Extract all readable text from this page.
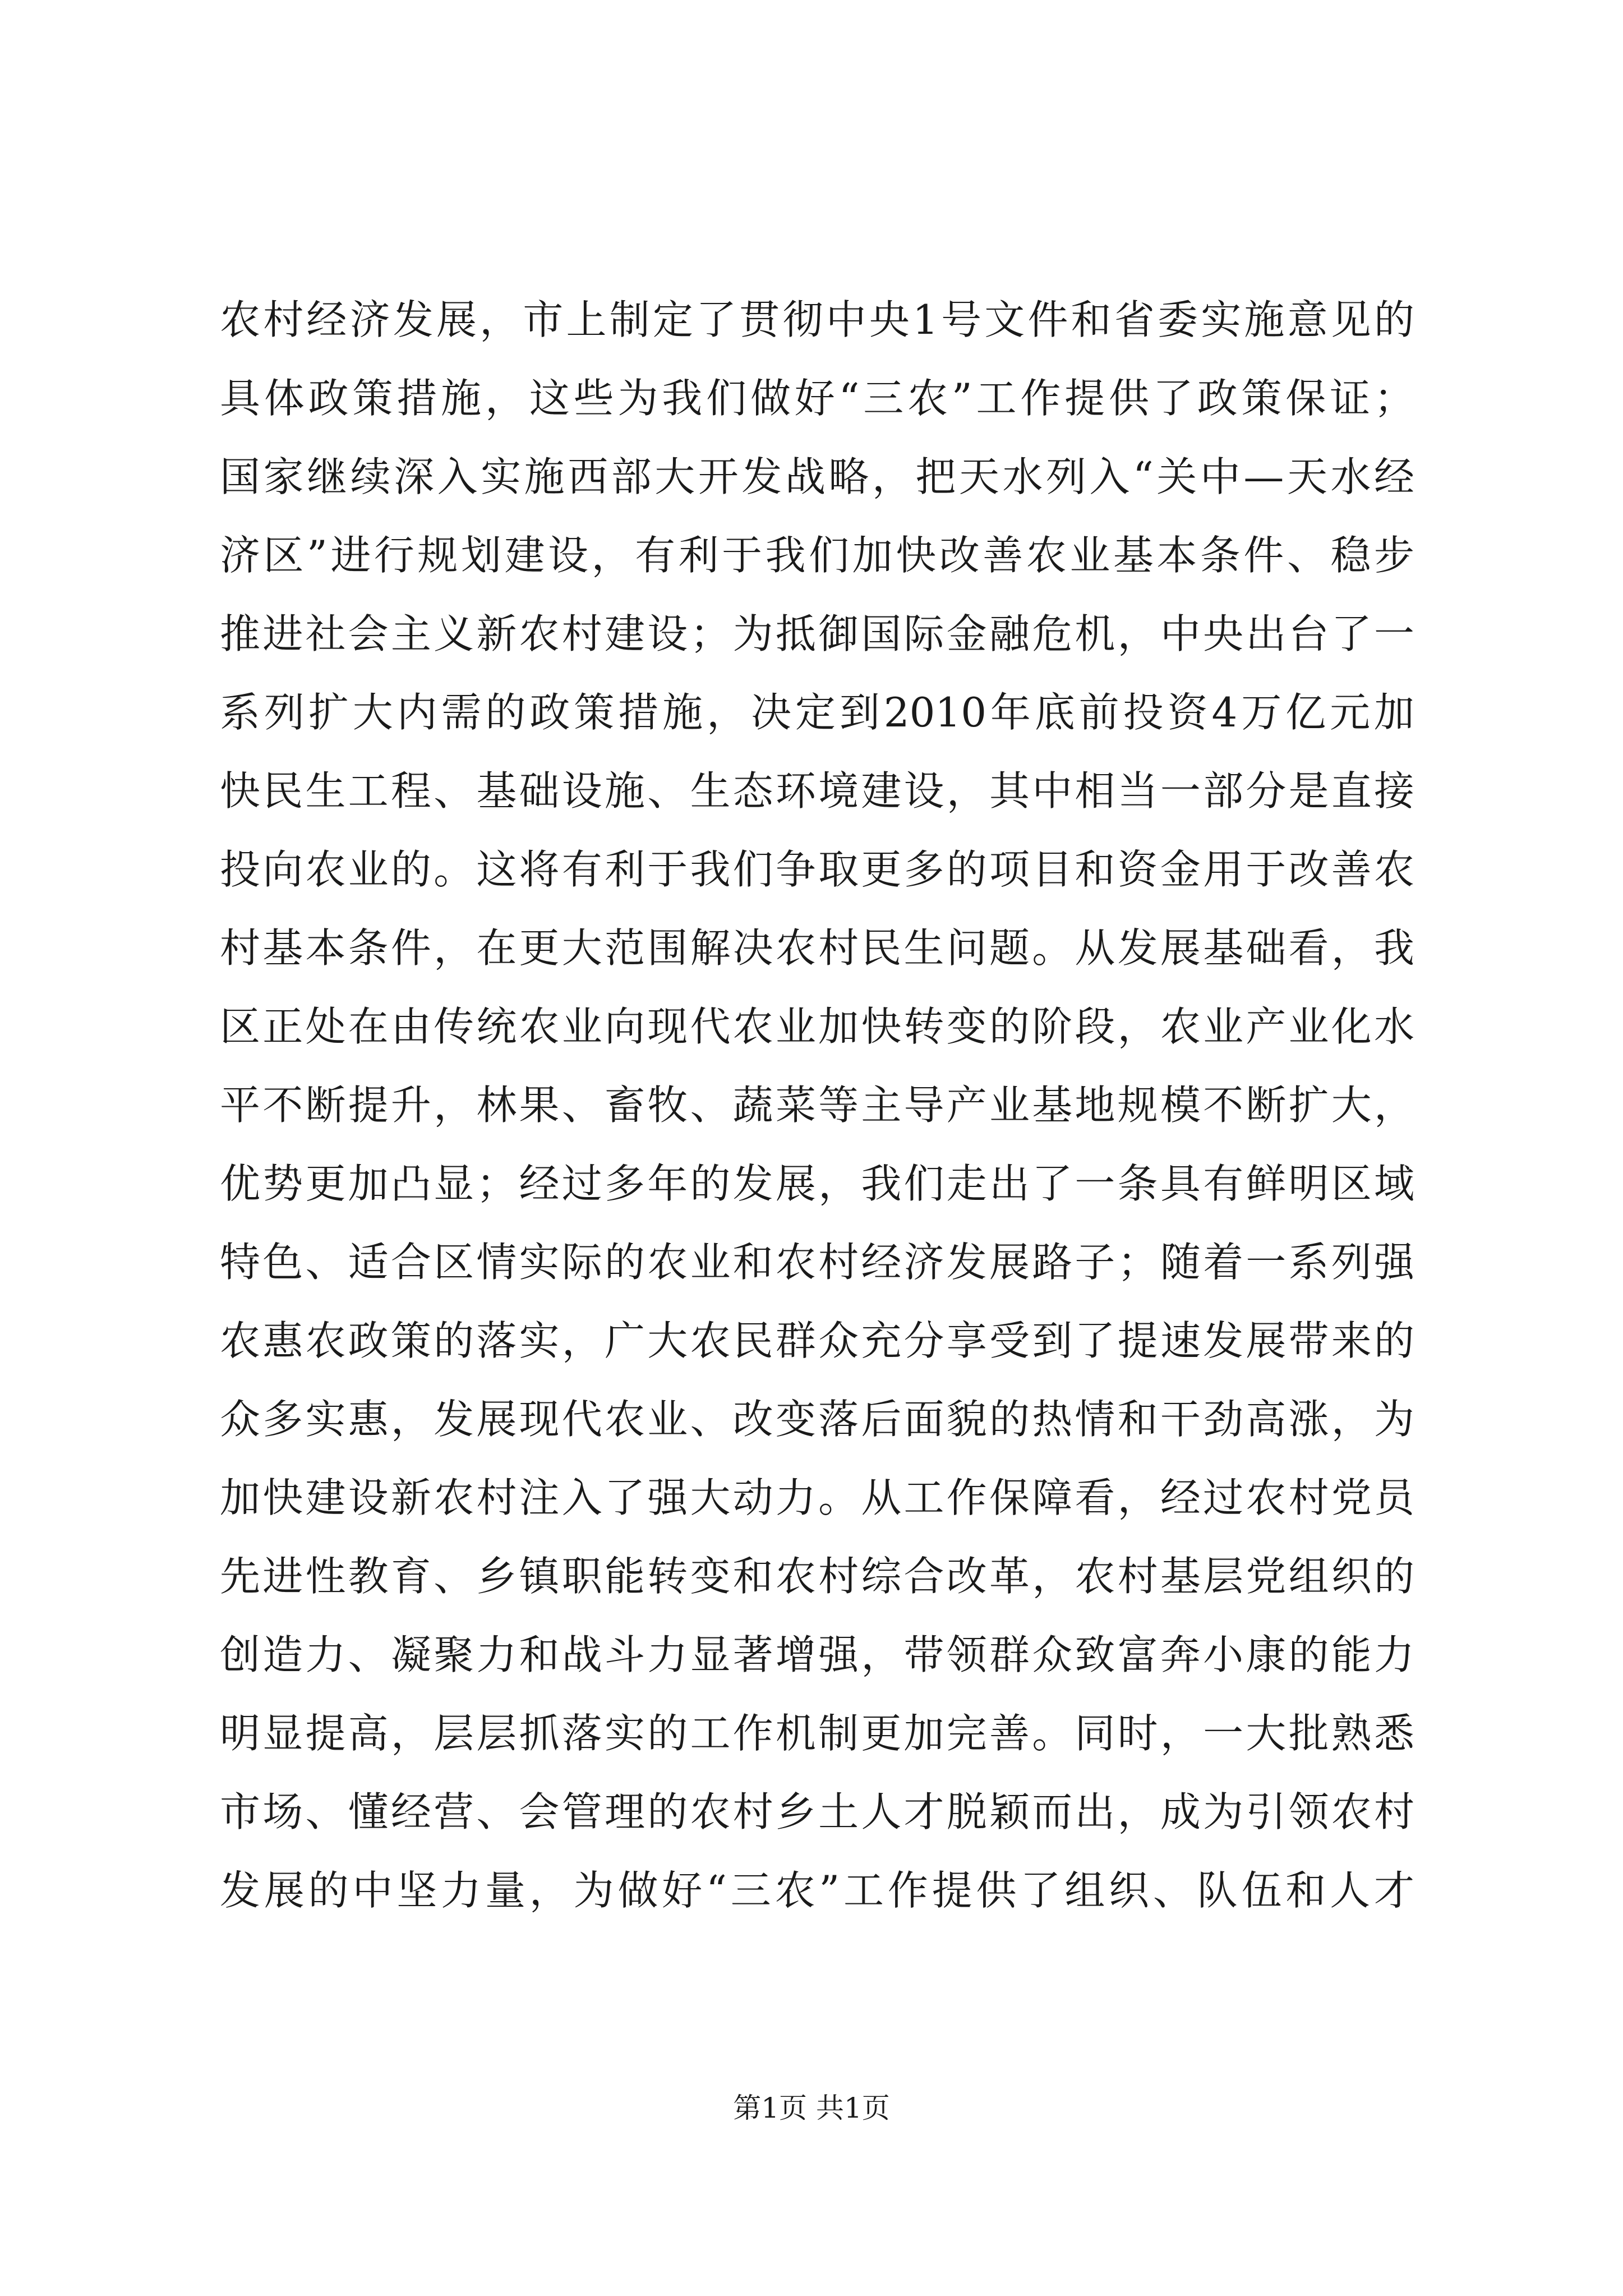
农村经济发展，市上制定了贯彻中央1号文件和省委实施意见的
具体政策措施，这些为我们做好“三农”工作提供了政策保证；
国家继续深入实施西部大开发战略，把天水列入“关中—天水经
济区”进行规划建设，有利于我们加快改善农业基本条件、稳步
推进社会主义新农村建设；为抵御国际金融危机，中央出台了一
系列扩大内需的政策措施，决定到2010年底前投资4万亿元加
快民生工程、基础设施、生态环境建设，其中相当一部分是直接
投向农业的。这将有利于我们争取更多的项目和资金用于改善农
村基本条件，在更大范围解决农村民生问题。从发展基础看，我
区正处在由传统农业向现代农业加快转变的阶段，农业产业化水
平不断提升，林果、畜牧、蔬菜等主导产业基地规模不断扩大，
优势更加凸显；经过多年的发展，我们走出了一条具有鲜明区域
特色、适合区情实际的农业和农村经济发展路子；随着一系列强
农惠农政策的落实，广大农民群众充分享受到了提速发展带来的
众多实惠，发展现代农业、改变落后面貌的热情和干劲高涨，为
加快建设新农村注入了强大动力。从工作保障看，经过农村党员
先进性教育、乡镇职能转变和农村综合改革，农村基层党组织的
创造力、凝聚力和战斗力显著增强，带领群众致富奔小康的能力
明显提高，层层抓落实的工作机制更加完善。同时，一大批熟悉
市场、懂经营、会管理的农村乡土人才脱颖而出，成为引领农村
发展的中坚力量，为做好“三农”工作提供了组织、队伍和人才
第1页 共1页
